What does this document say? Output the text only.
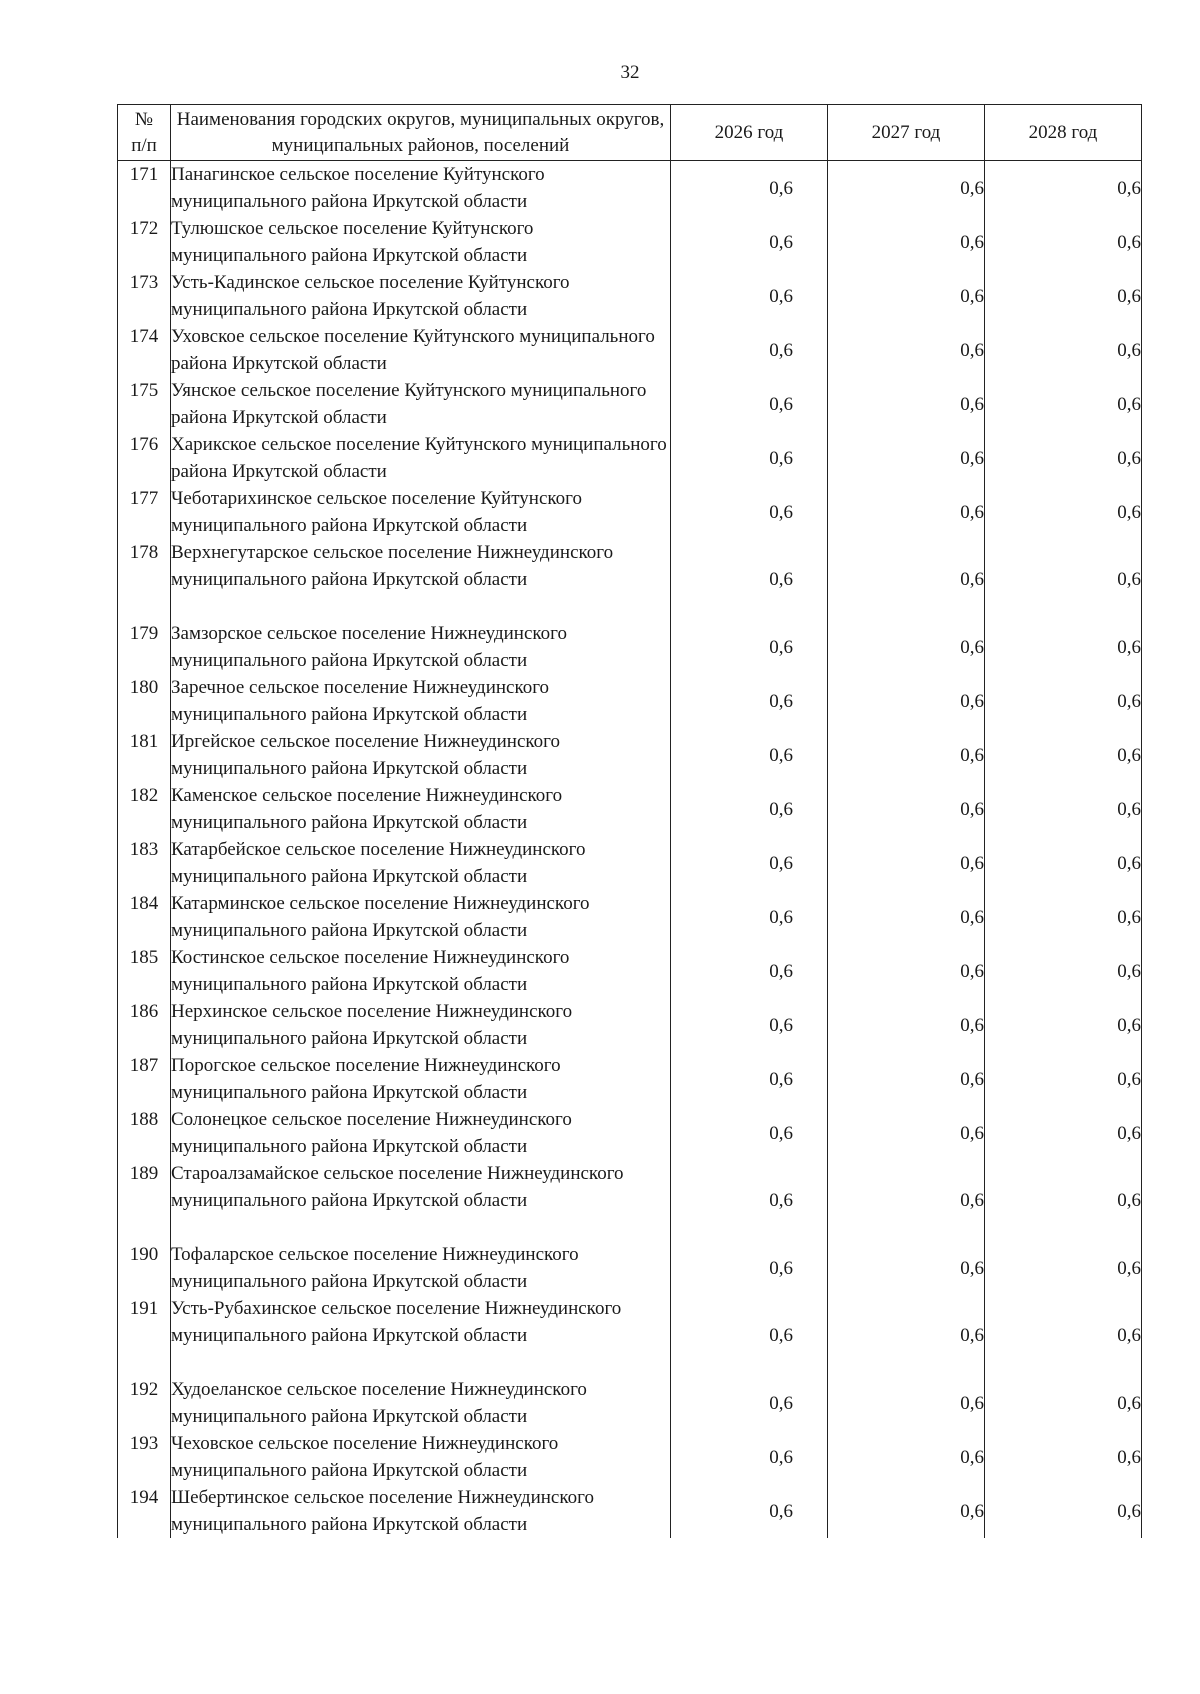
32
№
п/п	Наименования городских округов, муниципальных округов, муниципальных районов, поселений	2026 год	2027 год	2028 год
171	Панагинское сельское поселение Куйтунского муниципального района Иркутской области	0,6	0,6	0,6
172	Тулюшское сельское поселение Куйтунского муниципального района Иркутской области	0,6	0,6	0,6
173	Усть-Кадинское сельское поселение Куйтунского муниципального района Иркутской области	0,6	0,6	0,6
174	Уховское сельское поселение Куйтунского муниципального района Иркутской области	0,6	0,6	0,6
175	Уянское сельское поселение Куйтунского муниципального района Иркутской области	0,6	0,6	0,6
176	Харикское сельское поселение Куйтунского муниципального района Иркутской области	0,6	0,6	0,6
177	Чеботарихинское сельское поселение Куйтунского муниципального района Иркутской области	0,6	0,6	0,6
178	Верхнегутарское сельское поселение Нижнеудинского муниципального района Иркутской области	0,6	0,6	0,6
179	Замзорское сельское поселение Нижнеудинского муниципального района Иркутской области	0,6	0,6	0,6
180	Заречное сельское поселение Нижнеудинского муниципального района Иркутской области	0,6	0,6	0,6
181	Иргейское сельское поселение Нижнеудинского муниципального района Иркутской области	0,6	0,6	0,6
182	Каменское сельское поселение Нижнеудинского муниципального района Иркутской области	0,6	0,6	0,6
183	Катарбейское сельское поселение Нижнеудинского муниципального района Иркутской области	0,6	0,6	0,6
184	Катарминское сельское поселение Нижнеудинского муниципального района Иркутской области	0,6	0,6	0,6
185	Костинское сельское поселение Нижнеудинского муниципального района Иркутской области	0,6	0,6	0,6
186	Нерхинское сельское поселение Нижнеудинского муниципального района Иркутской области	0,6	0,6	0,6
187	Порогское сельское поселение Нижнеудинского муниципального района Иркутской области	0,6	0,6	0,6
188	Солонецкое сельское поселение Нижнеудинского муниципального района Иркутской области	0,6	0,6	0,6
189	Староалзамайское сельское поселение Нижнеудинского муниципального района Иркутской области	0,6	0,6	0,6
190	Тофаларское сельское поселение Нижнеудинского муниципального района Иркутской области	0,6	0,6	0,6
191	Усть-Рубахинское сельское поселение Нижнеудинского муниципального района Иркутской области	0,6	0,6	0,6
192	Худоеланское сельское поселение Нижнеудинского муниципального района Иркутской области	0,6	0,6	0,6
193	Чеховское сельское поселение Нижнеудинского муниципального района Иркутской области	0,6	0,6	0,6
194	Шебертинское сельское поселение Нижнеудинского муниципального района Иркутской области	0,6	0,6	0,6
